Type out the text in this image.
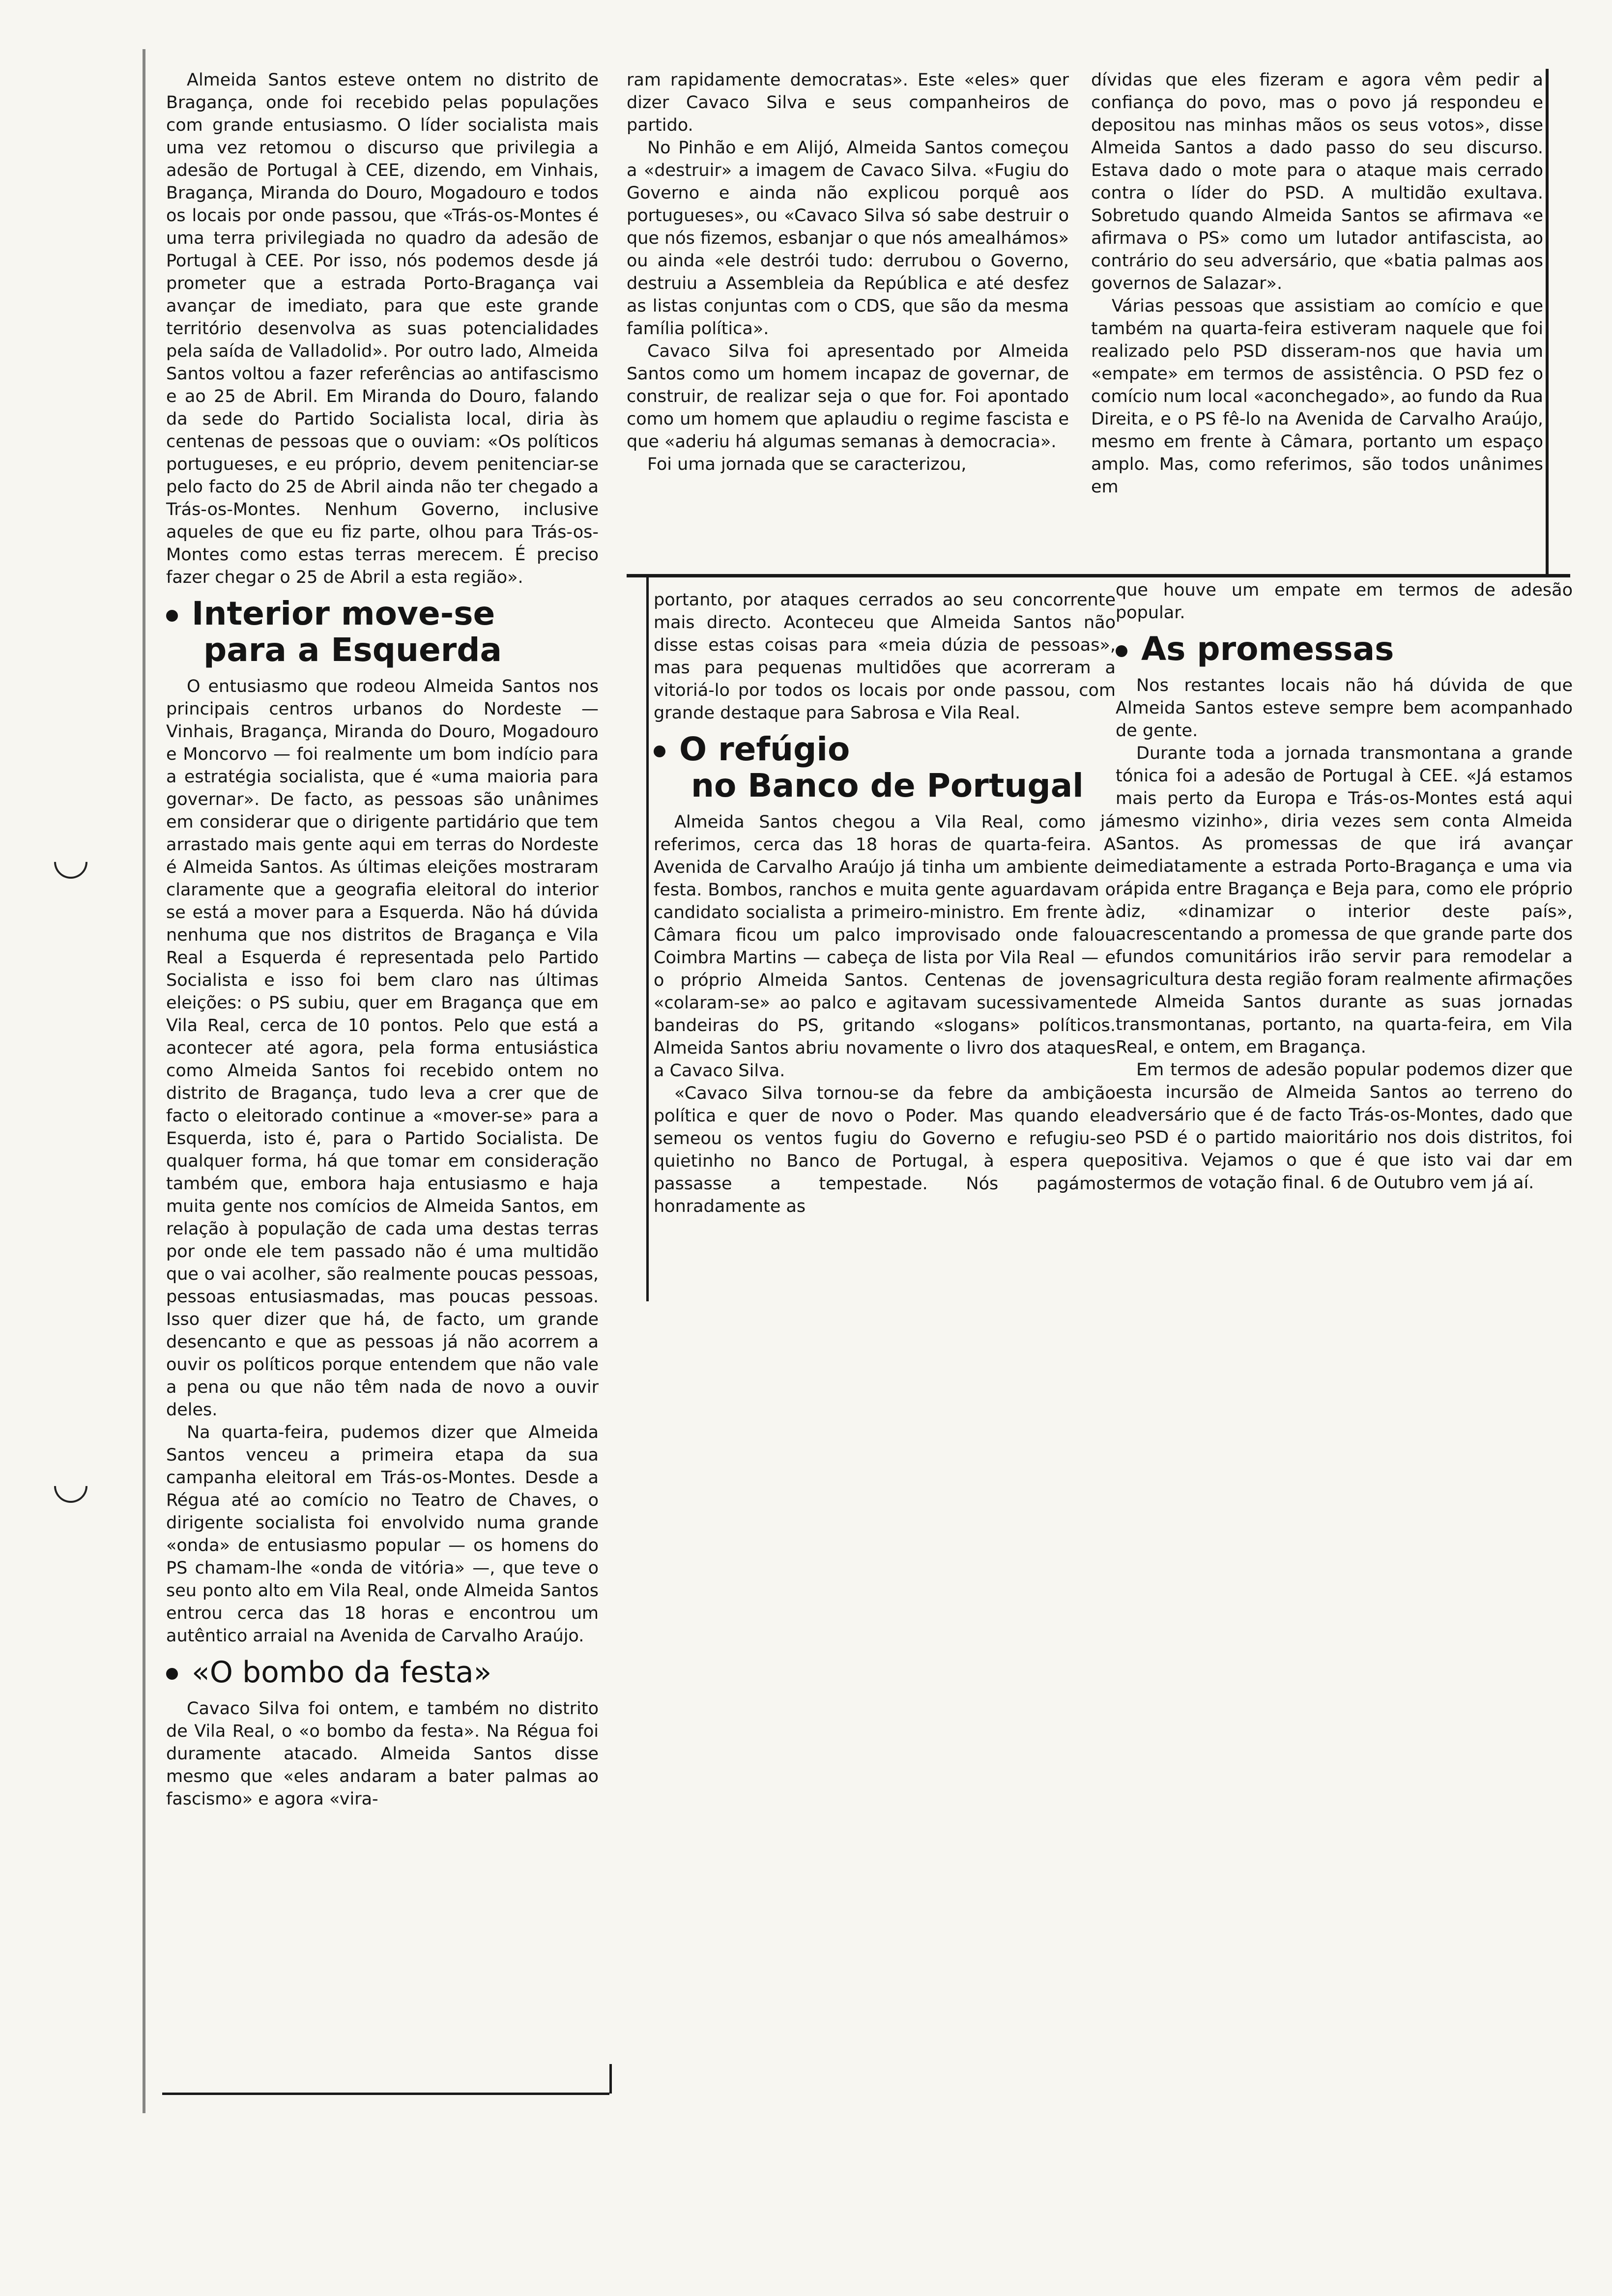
Almeida Santos esteve ontem no distrito de Bragança, onde foi recebido pelas populações com grande entusiasmo. O líder socialista mais uma vez retomou o discurso que privilegia a adesão de Portugal à CEE, dizendo, em Vinhais, Bragança, Miranda do Douro, Mogadouro e todos os locais por onde passou, que «Trás-os-Montes é uma terra privilegiada no quadro da adesão de Portugal à CEE. Por isso, nós podemos desde já prometer que a estrada Porto-Bragança vai avançar de imediato, para que este grande território desenvolva as suas potencialidades pela saída de Valladolid». Por outro lado, Almeida Santos voltou a fazer referências ao antifascismo e ao 25 de Abril. Em Miranda do Douro, falando da sede do Partido Socialista local, diria às centenas de pessoas que o ouviam: «Os políticos portugueses, e eu próprio, devem penitenciar-se pelo facto do 25 de Abril ainda não ter chegado a Trás-os-Montes. Nenhum Governo, inclusive aqueles de que eu fiz parte, olhou para Trás-os-Montes como estas terras merecem. É preciso fazer chegar o 25 de Abril a esta região».

Interior move-se
para a Esquerda

O entusiasmo que rodeou Almeida Santos nos principais centros urbanos do Nordeste — Vinhais, Bragança, Miranda do Douro, Mogadouro e Moncorvo — foi realmente um bom indício para a estratégia socialista, que é «uma maioria para governar». De facto, as pessoas são unânimes em considerar que o dirigente partidário que tem arrastado mais gente aqui em terras do Nordeste é Almeida Santos. As últimas eleições mostraram claramente que a geografia eleitoral do interior se está a mover para a Esquerda. Não há dúvida nenhuma que nos distritos de Bragança e Vila Real a Esquerda é representada pelo Partido Socialista e isso foi bem claro nas últimas eleições: o PS subiu, quer em Bragança que em Vila Real, cerca de 10 pontos. Pelo que está a acontecer até agora, pela forma entusiástica como Almeida Santos foi recebido ontem no distrito de Bragança, tudo leva a crer que de facto o eleitorado continue a «mover-se» para a Esquerda, isto é, para o Partido Socialista. De qualquer forma, há que tomar em consideração também que, embora haja entusiasmo e haja muita gente nos comícios de Almeida Santos, em relação à população de cada uma destas terras por onde ele tem passado não é uma multidão que o vai acolher, são realmente poucas pessoas, pessoas entusiasmadas, mas poucas pessoas. Isso quer dizer que há, de facto, um grande desencanto e que as pessoas já não acorrem a ouvir os políticos porque entendem que não vale a pena ou que não têm nada de novo a ouvir deles.

Na quarta-feira, pudemos dizer que Almeida Santos venceu a primeira etapa da sua campanha eleitoral em Trás-os-Montes. Desde a Régua até ao comício no Teatro de Chaves, o dirigente socialista foi envolvido numa grande «onda» de entusiasmo popular — os homens do PS chamam-lhe «onda de vitória» —, que teve o seu ponto alto em Vila Real, onde Almeida Santos entrou cerca das 18 horas e encontrou um autêntico arraial na Avenida de Carvalho Araújo.

«O bombo da festa»

Cavaco Silva foi ontem, e também no distrito de Vila Real, o «o bombo da festa». Na Régua foi duramente atacado. Almeida Santos disse mesmo que «eles andaram a bater palmas ao fascismo» e agora «vira-

ram rapidamente democratas». Este «eles» quer dizer Cavaco Silva e seus companheiros de partido.

No Pinhão e em Alijó, Almeida Santos começou a «destruir» a imagem de Cavaco Silva. «Fugiu do Governo e ainda não explicou porquê aos portugueses», ou «Cavaco Silva só sabe destruir o que nós fizemos, esbanjar o que nós amealhámos» ou ainda «ele destrói tudo: derrubou o Governo, destruiu a Assembleia da República e até desfez as listas conjuntas com o CDS, que são da mesma família política».

Cavaco Silva foi apresentado por Almeida Santos como um homem incapaz de governar, de construir, de realizar seja o que for. Foi apontado como um homem que aplaudiu o regime fascista e que «aderiu há algumas semanas à democracia».

Foi uma jornada que se caracterizou,

dívidas que eles fizeram e agora vêm pedir a confiança do povo, mas o povo já respondeu e depositou nas minhas mãos os seus votos», disse Almeida Santos a dado passo do seu discurso. Estava dado o mote para o ataque mais cerrado contra o líder do PSD. A multidão exultava. Sobretudo quando Almeida Santos se afirmava «e afirmava o PS» como um lutador antifascista, ao contrário do seu adversário, que «batia palmas aos governos de Salazar».

Várias pessoas que assistiam ao comício e que também na quarta-feira estiveram naquele que foi realizado pelo PSD disseram-nos que havia um «empate» em termos de assistência. O PSD fez o comício num local «aconchegado», ao fundo da Rua Direita, e o PS fê-lo na Avenida de Carvalho Araújo, mesmo em frente à Câmara, portanto um espaço amplo. Mas, como referimos, são todos unânimes em

portanto, por ataques cerrados ao seu concorrente mais directo. Aconteceu que Almeida Santos não disse estas coisas para «meia dúzia de pessoas», mas para pequenas multidões que acorreram a vitoriá-lo por todos os locais por onde passou, com grande destaque para Sabrosa e Vila Real.

O refúgio
no Banco de Portugal

Almeida Santos chegou a Vila Real, como já referimos, cerca das 18 horas de quarta-feira. A Avenida de Carvalho Araújo já tinha um ambiente de festa. Bombos, ranchos e muita gente aguardavam o candidato socialista a primeiro-ministro. Em frente à Câmara ficou um palco improvisado onde falou Coimbra Martins — cabeça de lista por Vila Real — e o próprio Almeida Santos. Centenas de jovens «colaram-se» ao palco e agitavam sucessivamente bandeiras do PS, gritando «slogans» políticos. Almeida Santos abriu novamente o livro dos ataques a Cavaco Silva.

«Cavaco Silva tornou-se da febre da ambição política e quer de novo o Poder. Mas quando ele semeou os ventos fugiu do Governo e refugiu-se quietinho no Banco de Portugal, à espera que passasse a tempestade. Nós pagámos honradamente as

que houve um empate em termos de adesão popular.

As promessas

Nos restantes locais não há dúvida de que Almeida Santos esteve sempre bem acompanhado de gente.

Durante toda a jornada transmontana a grande tónica foi a adesão de Portugal à CEE. «Já estamos mais perto da Europa e Trás-os-Montes está aqui mesmo vizinho», diria vezes sem conta Almeida Santos. As promessas de que irá avançar imediatamente a estrada Porto-Bragança e uma via rápida entre Bragança e Beja para, como ele próprio diz, «dinamizar o interior deste país», acrescentando a promessa de que grande parte dos fundos comunitários irão servir para remodelar a agricultura desta região foram realmente afirmações de Almeida Santos durante as suas jornadas transmontanas, portanto, na quarta-feira, em Vila Real, e ontem, em Bragança.

Em termos de adesão popular podemos dizer que esta incursão de Almeida Santos ao terreno do adversário que é de facto Trás-os-Montes, dado que o PSD é o partido maioritário nos dois distritos, foi positiva. Vejamos o que é que isto vai dar em termos de votação final. 6 de Outubro vem já aí.
